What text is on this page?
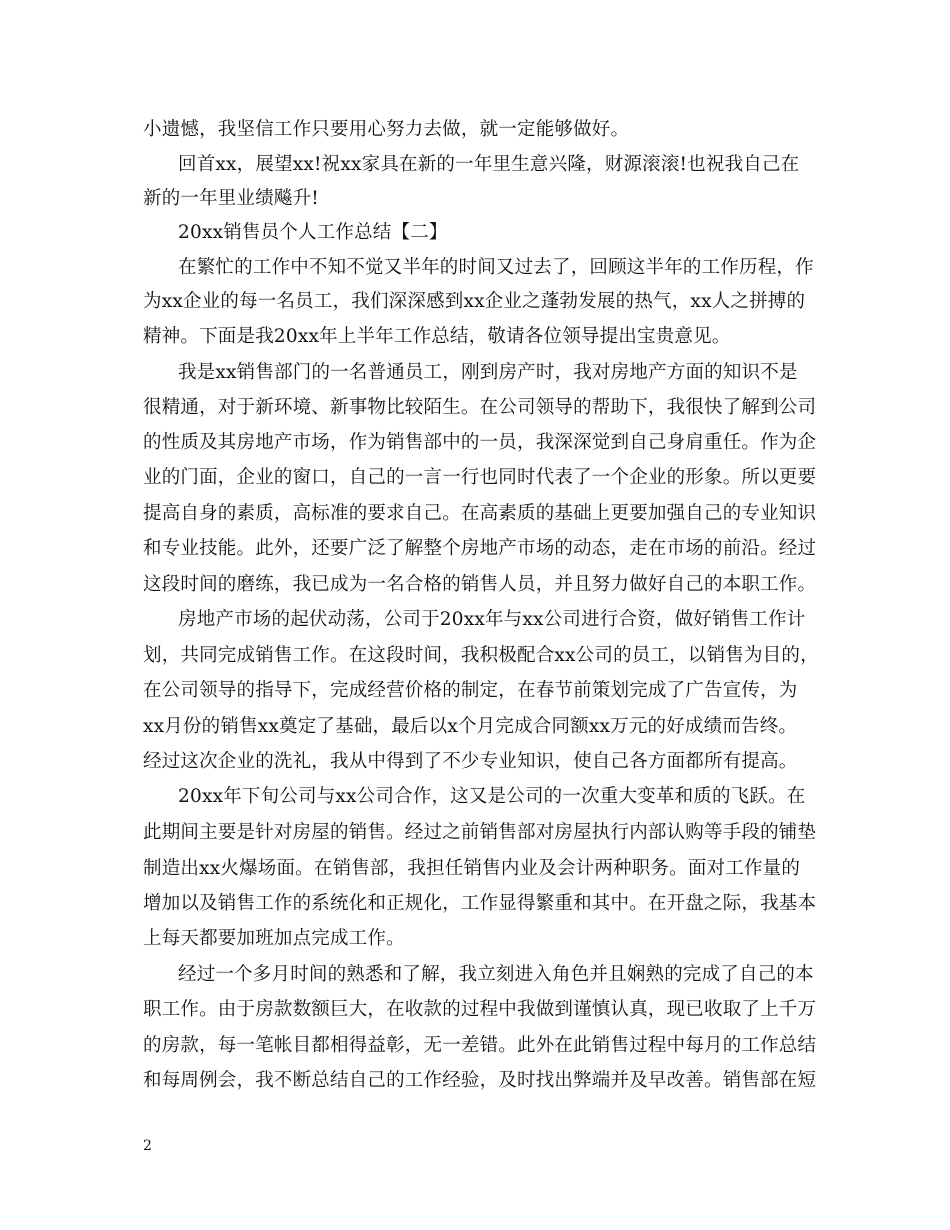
小遗憾，我坚信工作只要用心努力去做，就一定能够做好。
回首xx，展望xx!祝xx家具在新的一年里生意兴隆，财源滚滚!也祝我自己在
新的一年里业绩飚升!
20xx销售员个人工作总结【二】
在繁忙的工作中不知不觉又半年的时间又过去了，回顾这半年的工作历程，作
为xx企业的每一名员工，我们深深感到xx企业之蓬勃发展的热气，xx人之拼搏的
精神。下面是我20xx年上半年工作总结，敬请各位领导提出宝贵意见。
我是xx销售部门的一名普通员工，刚到房产时，我对房地产方面的知识不是
很精通，对于新环境、新事物比较陌生。在公司领导的帮助下，我很快了解到公司
的性质及其房地产市场，作为销售部中的一员，我深深觉到自己身肩重任。作为企
业的门面，企业的窗口，自己的一言一行也同时代表了一个企业的形象。所以更要
提高自身的素质，高标准的要求自己。在高素质的基础上更要加强自己的专业知识
和专业技能。此外，还要广泛了解整个房地产市场的动态，走在市场的前沿。经过
这段时间的磨练，我已成为一名合格的销售人员，并且努力做好自己的本职工作。
房地产市场的起伏动荡，公司于20xx年与xx公司进行合资，做好销售工作计
划，共同完成销售工作。在这段时间，我积极配合xx公司的员工，以销售为目的，
在公司领导的指导下，完成经营价格的制定，在春节前策划完成了广告宣传，为
xx月份的销售xx奠定了基础，最后以x个月完成合同额xx万元的好成绩而告终。
经过这次企业的洗礼，我从中得到了不少专业知识，使自己各方面都所有提高。
20xx年下旬公司与xx公司合作，这又是公司的一次重大变革和质的飞跃。在
此期间主要是针对房屋的销售。经过之前销售部对房屋执行内部认购等手段的铺垫
制造出xx火爆场面。在销售部，我担任销售内业及会计两种职务。面对工作量的
增加以及销售工作的系统化和正规化，工作显得繁重和其中。在开盘之际，我基本
上每天都要加班加点完成工作。
经过一个多月时间的熟悉和了解，我立刻进入角色并且娴熟的完成了自己的本
职工作。由于房款数额巨大，在收款的过程中我做到谨慎认真，现已收取了上千万
的房款，每一笔帐目都相得益彰，无一差错。此外在此销售过程中每月的工作总结
和每周例会，我不断总结自己的工作经验，及时找出弊端并及早改善。销售部在短
2
